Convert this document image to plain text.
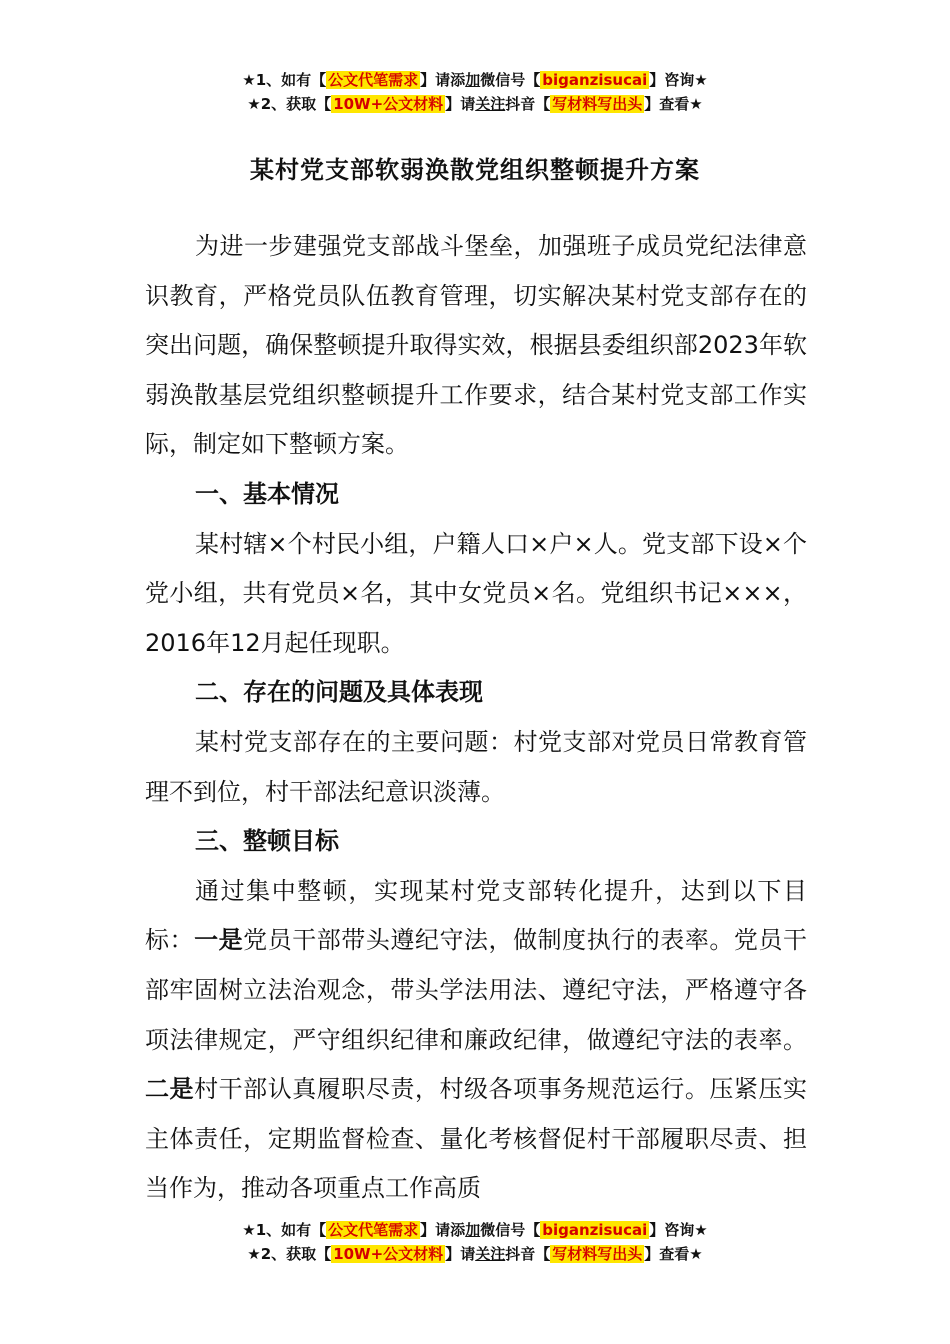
★1、如有【 公文代笔需求 】请添加微信号【 biganzisucai 】咨询★
★2、获取【 10W+公文材料 】请关注抖音【 写材料写出头 】查看★
某村党支部软弱涣散党组织整顿提升方案

为进一步建强党支部战斗堡垒，加强班子成员党纪法律意识教育，严格党员队伍教育管理，切实解决某村党支部存在的突出问题，确保整顿提升取得实效，根据县委组织部2023年软弱涣散基层党组织整顿提升工作要求，结合某村党支部工作实际，制定如下整顿方案。

一、基本情况

某村辖×个村民小组，户籍人口×户×人。党支部下设×个党小组，共有党员×名，其中女党员×名。党组织书记×××，2016年12月起任现职。

二、存在的问题及具体表现

某村党支部存在的主要问题：村党支部对党员日常教育管理不到位，村干部法纪意识淡薄。

三、整顿目标

通过集中整顿，实现某村党支部转化提升，达到以下目标：一是党员干部带头遵纪守法，做制度执行的表率。党员干部牢固树立法治观念，带头学法用法、遵纪守法，严格遵守各项法律规定，严守组织纪律和廉政纪律，做遵纪守法的表率。二是村干部认真履职尽责，村级各项事务规范运行。压紧压实主体责任，定期监督检查、量化考核督促村干部履职尽责、担当作为，推动各项重点工作高质

★1、如有【 公文代笔需求 】请添加微信号【 biganzisucai 】咨询★
★2、获取【 10W+公文材料 】请关注抖音【 写材料写出头 】查看★
